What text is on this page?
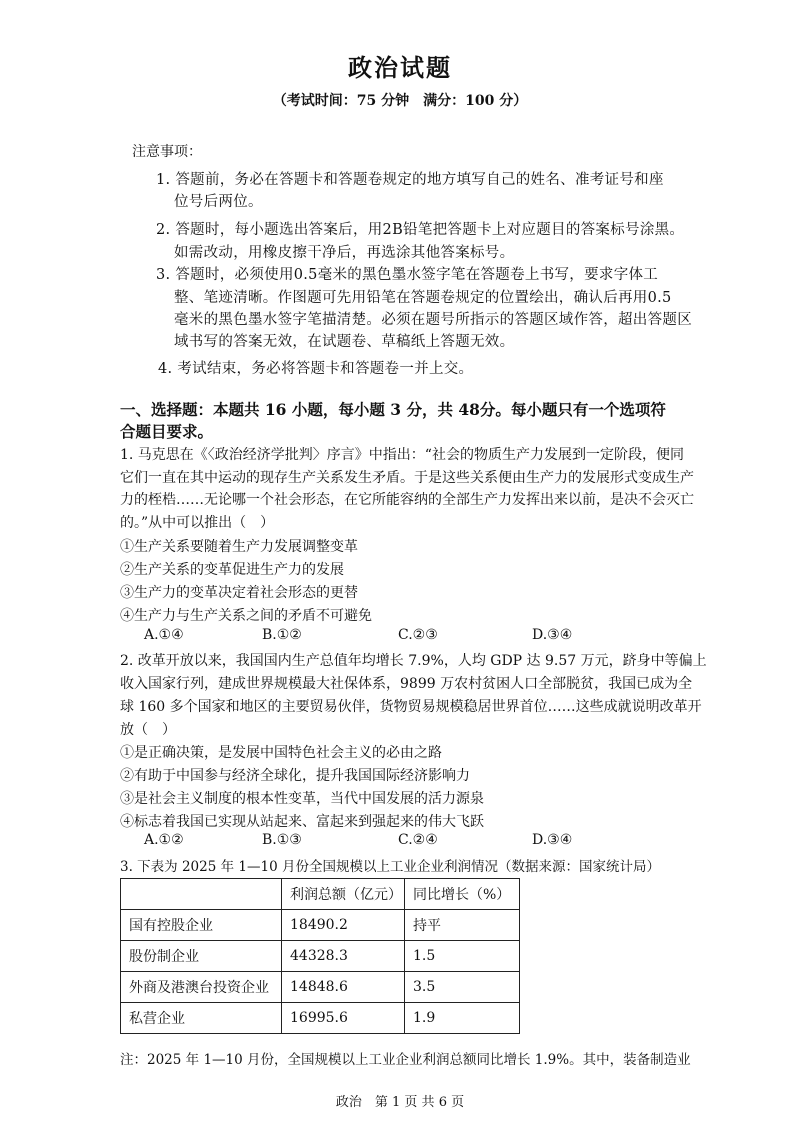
政治试题
（考试时间：75 分钟　满分：100 分）
注意事项：
1. 答题前，务必在答题卡和答题卷规定的地方填写自己的姓名、准考证号和座
位号后两位。
2. 答题时，每小题选出答案后，用2B铅笔把答题卡上对应题目的答案标号涂黑。
如需改动，用橡皮擦干净后，再选涂其他答案标号。
3. 答题时，必须使用0.5毫米的黑色墨水签字笔在答题卷上书写，要求字体工
整、笔迹清晰。作图题可先用铅笔在答题卷规定的位置绘出，确认后再用0.5
毫米的黑色墨水签字笔描清楚。必须在题号所指示的答题区域作答，超出答题区
域书写的答案无效，在试题卷、草稿纸上答题无效。
4. 考试结束，务必将答题卡和答题卷一并上交。
一、选择题：本题共 16 小题，每小题 3 分，共 48分。每小题只有一个选项符
合题目要求。
1. 马克思在《〈政治经济学批判〉序言》中指出：“社会的物质生产力发展到一定阶段，便同
它们一直在其中运动的现存生产关系发生矛盾。于是这些关系便由生产力的发展形式变成生产
力的桎梏……无论哪一个社会形态，在它所能容纳的全部生产力发挥出来以前，是决不会灭亡
的。”从中可以推出（　）
①生产关系要随着生产力发展调整变革
②生产关系的变革促进生产力的发展
③生产力的变革决定着社会形态的更替
④生产力与生产关系之间的矛盾不可避免
A.①④	B.①②	C.②③	D.③④
2. 改革开放以来，我国国内生产总值年均增长 7.9%，人均 GDP 达 9.57 万元，跻身中等偏上
收入国家行列，建成世界规模最大社保体系，9899 万农村贫困人口全部脱贫，我国已成为全
球 160 多个国家和地区的主要贸易伙伴，货物贸易规模稳居世界首位……这些成就说明改革开
放（　）
①是正确决策，是发展中国特色社会主义的必由之路
②有助于中国参与经济全球化，提升我国国际经济影响力
③是社会主义制度的根本性变革，当代中国发展的活力源泉
④标志着我国已实现从站起来、富起来到强起来的伟大飞跃
A.①②	B.①③	C.②④	D.③④
3. 下表为 2025 年 1—10 月份全国规模以上工业企业利润情况（数据来源：国家统计局）
	利润总额（亿元）	同比增长（%）
国有控股企业	18490.2	持平
股份制企业	44328.3	1.5
外商及港澳台投资企业	14848.6	3.5
私营企业	16995.6	1.9
注：2025 年 1—10 月份，全国规模以上工业企业利润总额同比增长 1.9%。其中，装备制造业
政治　第 1 页 共 6 页
